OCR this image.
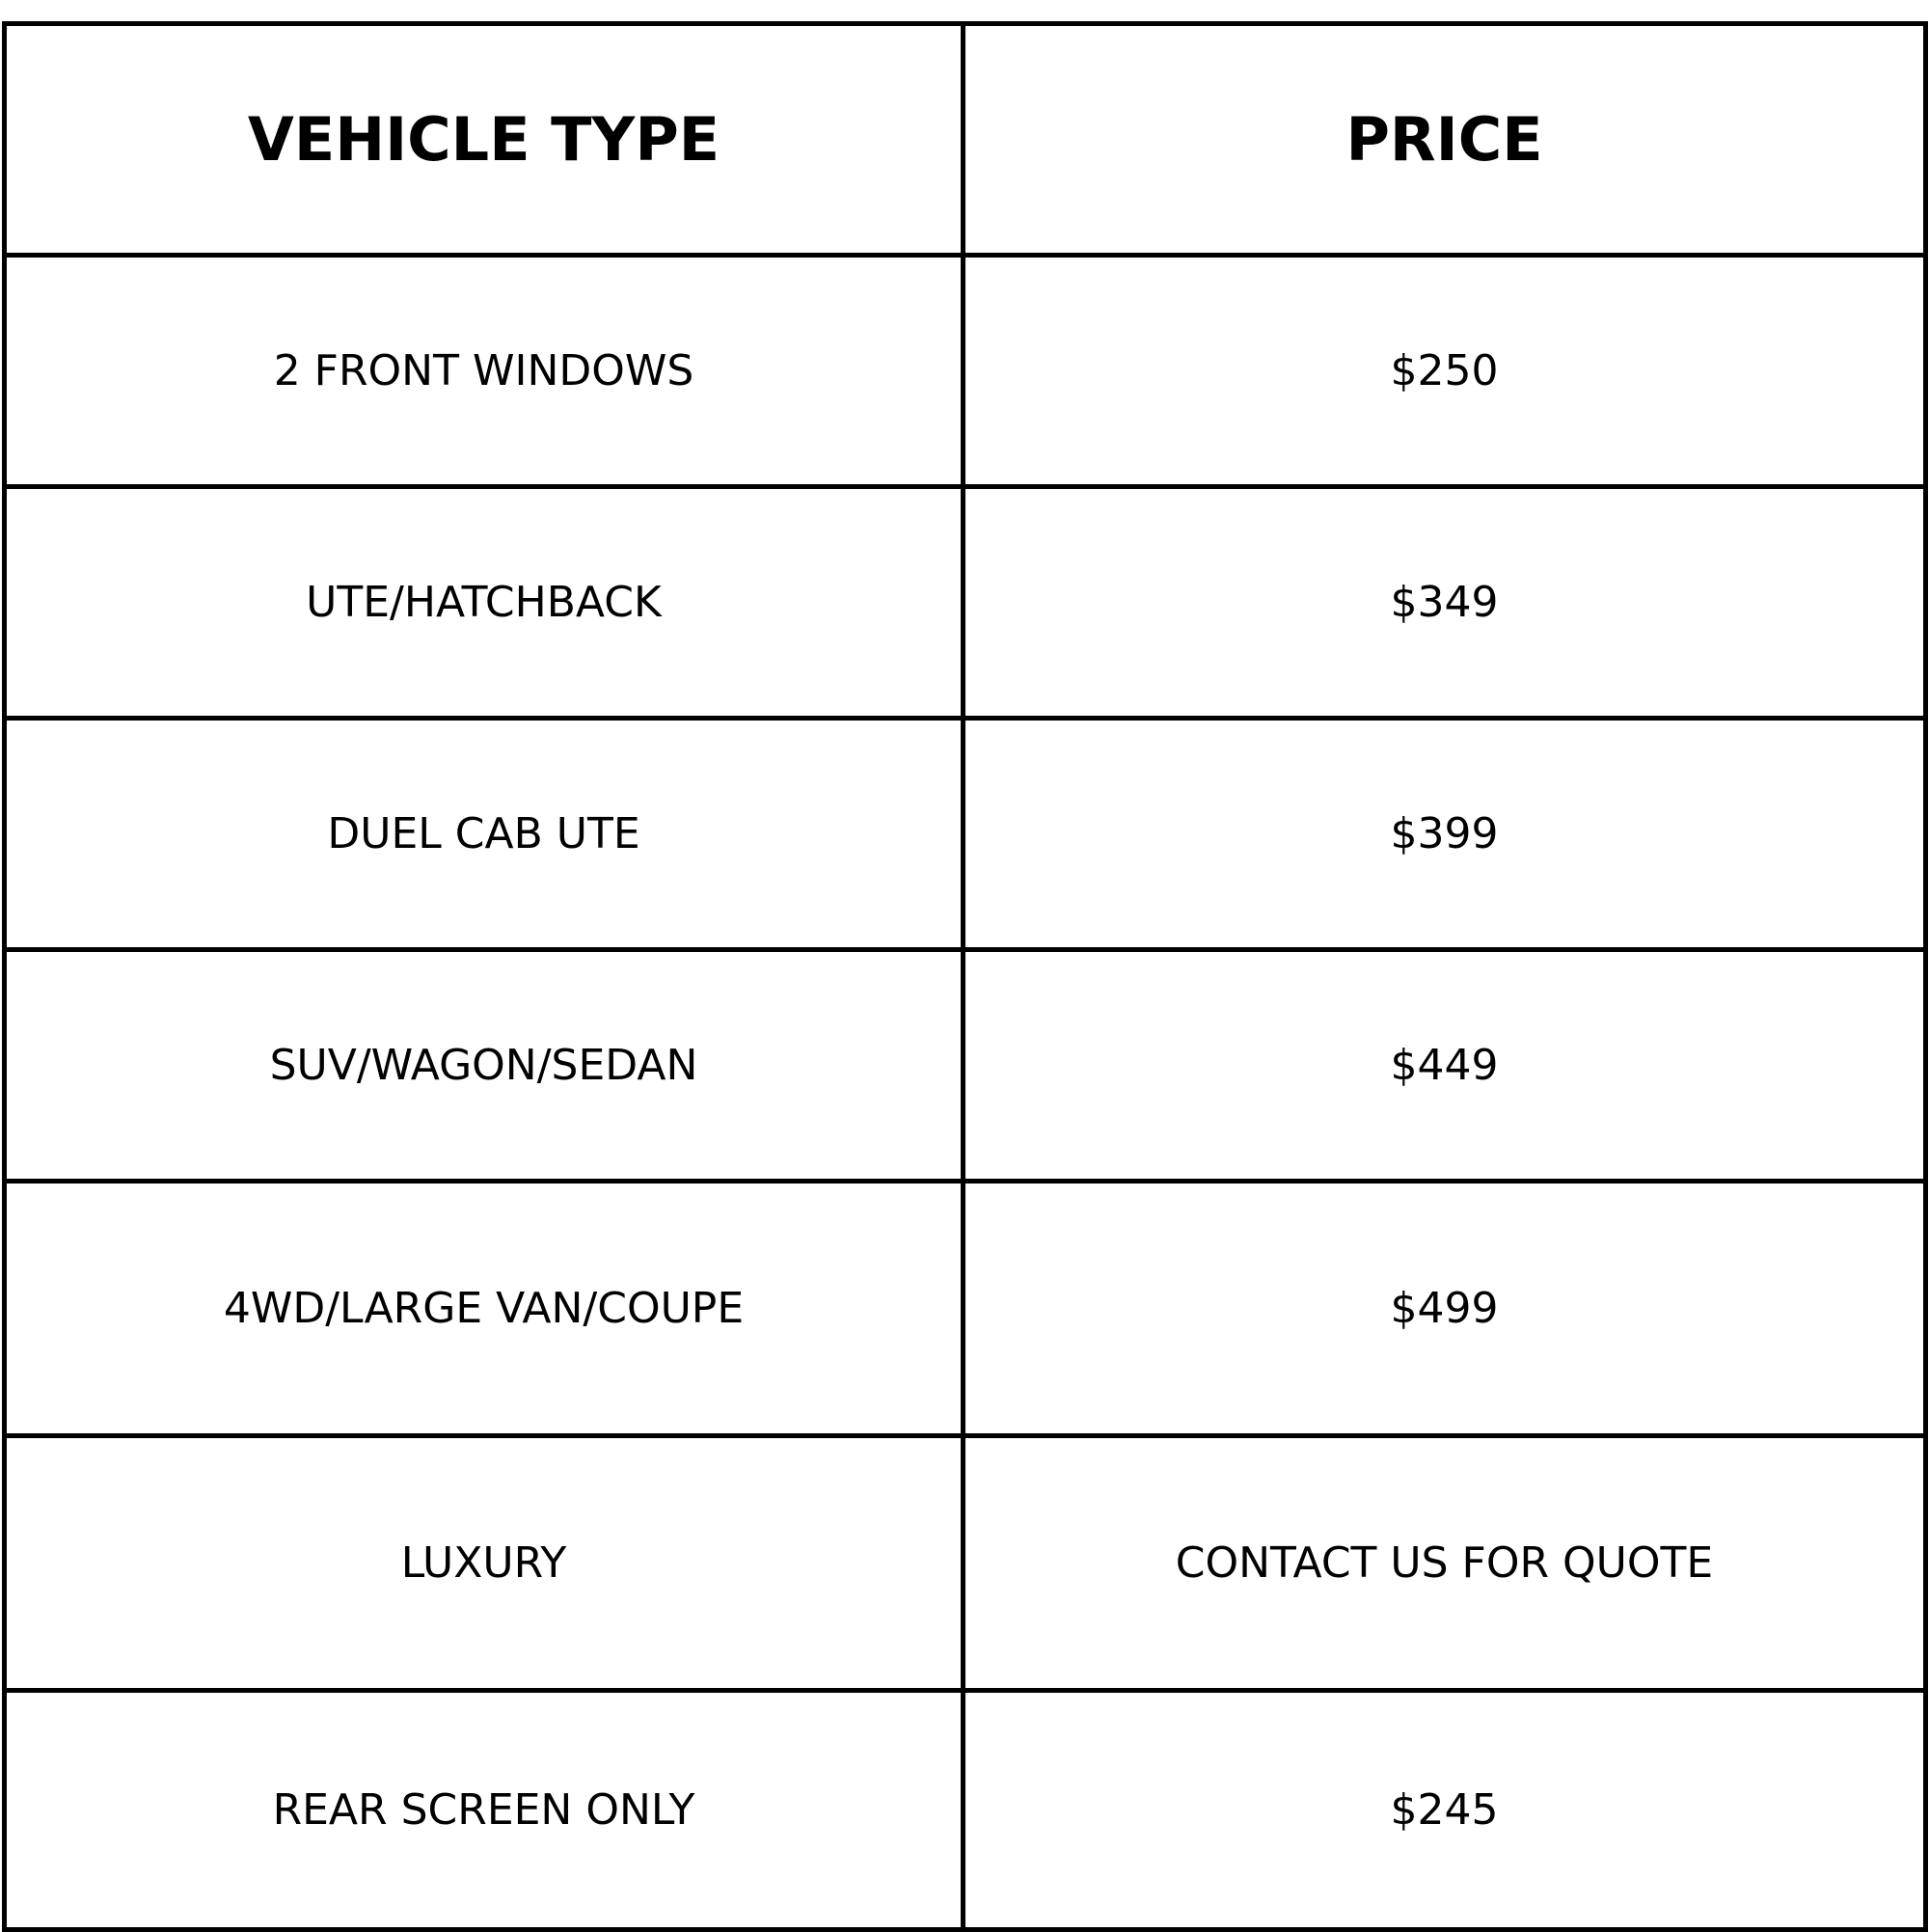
VEHICLE TYPE	PRICE
2 FRONT WINDOWS	$250
UTE/HATCHBACK	$349
DUEL CAB UTE	$399
SUV/WAGON/SEDAN	$449
4WD/LARGE VAN/COUPE	$499
LUXURY	CONTACT US FOR QUOTE
REAR SCREEN ONLY	$245
